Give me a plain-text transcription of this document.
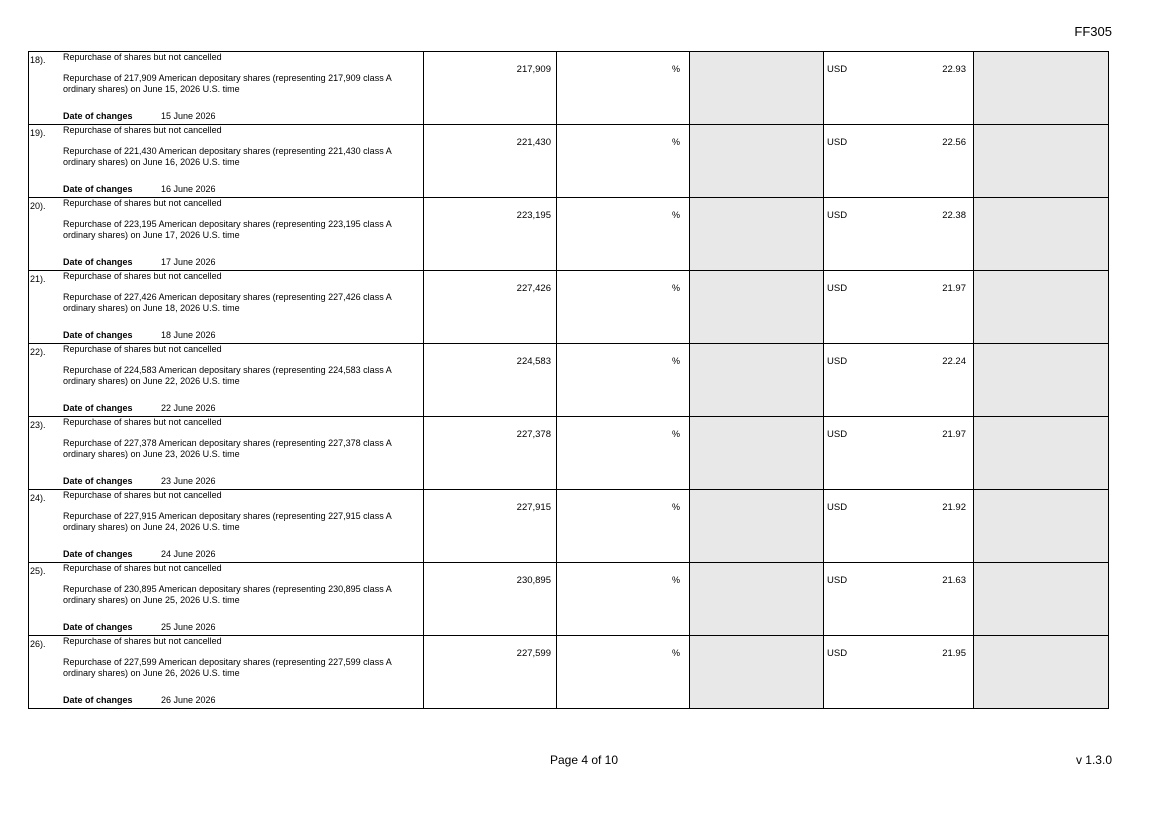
FF305
18). Repurchase of shares but not cancelled
Repurchase of 217,909 American depositary shares (representing 217,909 class A ordinary shares) on June 15, 2026 U.S. time
Date of changes 15 June 2026	217,909	%		USD 22.93	

19). Repurchase of shares but not cancelled
Repurchase of 221,430 American depositary shares (representing 221,430 class A ordinary shares) on June 16, 2026 U.S. time
Date of changes 16 June 2026	221,430	%		USD 22.56	

20). Repurchase of shares but not cancelled
Repurchase of 223,195 American depositary shares (representing 223,195 class A ordinary shares) on June 17, 2026 U.S. time
Date of changes 17 June 2026	223,195	%		USD 22.38	

21). Repurchase of shares but not cancelled
Repurchase of 227,426 American depositary shares (representing 227,426 class A ordinary shares) on June 18, 2026 U.S. time
Date of changes 18 June 2026	227,426	%		USD 21.97	

22). Repurchase of shares but not cancelled
Repurchase of 224,583 American depositary shares (representing 224,583 class A ordinary shares) on June 22, 2026 U.S. time
Date of changes 22 June 2026	224,583	%		USD 22.24	

23). Repurchase of shares but not cancelled
Repurchase of 227,378 American depositary shares (representing 227,378 class A ordinary shares) on June 23, 2026 U.S. time
Date of changes 23 June 2026	227,378	%		USD 21.97	

24). Repurchase of shares but not cancelled
Repurchase of 227,915 American depositary shares (representing 227,915 class A ordinary shares) on June 24, 2026 U.S. time
Date of changes 24 June 2026	227,915	%		USD 21.92	

25). Repurchase of shares but not cancelled
Repurchase of 230,895 American depositary shares (representing 230,895 class A ordinary shares) on June 25, 2026 U.S. time
Date of changes 25 June 2026	230,895	%		USD 21.63	

26). Repurchase of shares but not cancelled
Repurchase of 227,599 American depositary shares (representing 227,599 class A ordinary shares) on June 26, 2026 U.S. time
Date of changes 26 June 2026	227,599	%		USD 21.95	

Page 4 of 10	v 1.3.0
